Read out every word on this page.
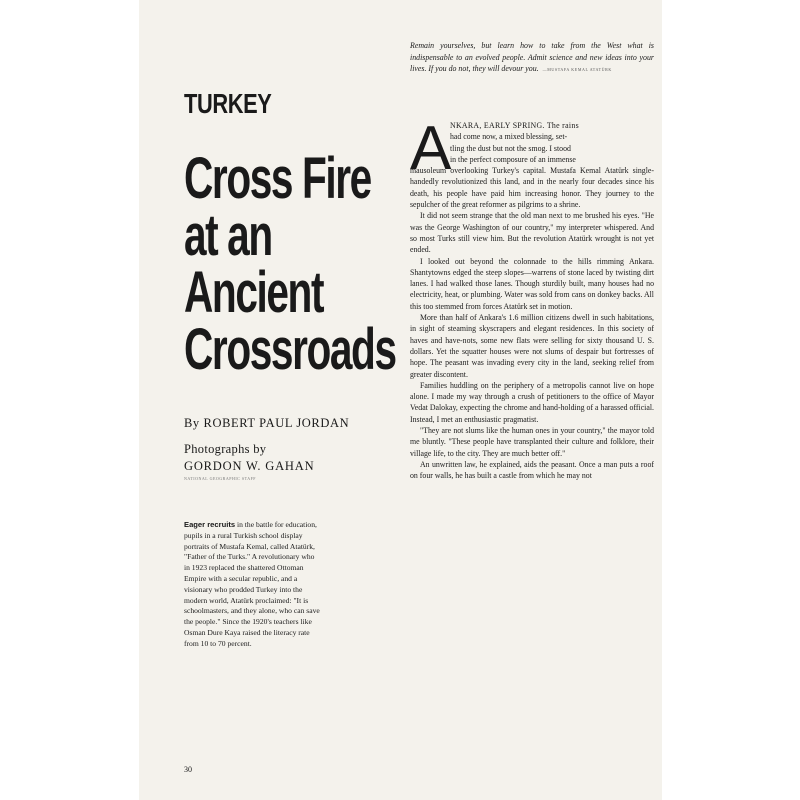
TURKEY
Cross Fire
at an
Ancient
Crossroads
By ROBERT PAUL JORDAN
Photographs by
GORDON W. GAHAN
NATIONAL GEOGRAPHIC STAFF
Eager recruits in the battle for education, pupils in a rural Turkish school display portraits of Mustafa Kemal, called Atatürk, "Father of the Turks." A revolutionary who in 1923 replaced the shattered Ottoman Empire with a secular republic, and a visionary who prodded Turkey into the modern world, Atatürk proclaimed: "It is schoolmasters, and they alone, who can save the people." Since the 1920's teachers like Osman Dure Kaya raised the literacy rate from 10 to 70 percent.
30
Remain yourselves, but learn how to take from the West what is indispensable to an evolved people. Admit science and new ideas into your lives. If you do not, they will devour you. —MUSTAFA KEMAL ATATÜRK
A

NKARA, EARLY SPRING. The rains
had come now, a mixed blessing, set-
tling the dust but not the smog. I stood
in the perfect composure of an immense
mausoleum overlooking Turkey's capital. Mustafa Kemal Atatürk single-handedly revolutionized this land, and in the nearly four decades since his death, his people have paid him increasing honor. They journey to the sepulcher of the great reformer as pilgrims to a shrine.

It did not seem strange that the old man next to me brushed his eyes. "He was the George Washington of our country," my interpreter whispered. And so most Turks still view him. But the revolution Atatürk wrought is not yet ended.

I looked out beyond the colonnade to the hills rimming Ankara. Shantytowns edged the steep slopes—warrens of stone laced by twisting dirt lanes. I had walked those lanes. Though sturdily built, many houses had no electricity, heat, or plumbing. Water was sold from cans on donkey backs. All this too stemmed from forces Atatürk set in motion.

More than half of Ankara's 1.6 million citizens dwell in such habitations, in sight of steaming skyscrapers and elegant residences. In this society of haves and have-nots, some new flats were selling for sixty thousand U. S. dollars. Yet the squatter houses were not slums of despair but fortresses of hope. The peasant was invading every city in the land, seeking relief from greater discontent.

Families huddling on the periphery of a metropolis cannot live on hope alone. I made my way through a crush of petitioners to the office of Mayor Vedat Dalokay, expecting the chrome and hand-holding of a harassed official. Instead, I met an enthusiastic pragmatist.

"They are not slums like the human ones in your country," the mayor told me bluntly. "These people have transplanted their culture and folklore, their village life, to the city. They are much better off."

An unwritten law, he explained, aids the peasant. Once a man puts a roof on four walls, he has built a castle from which he may not
